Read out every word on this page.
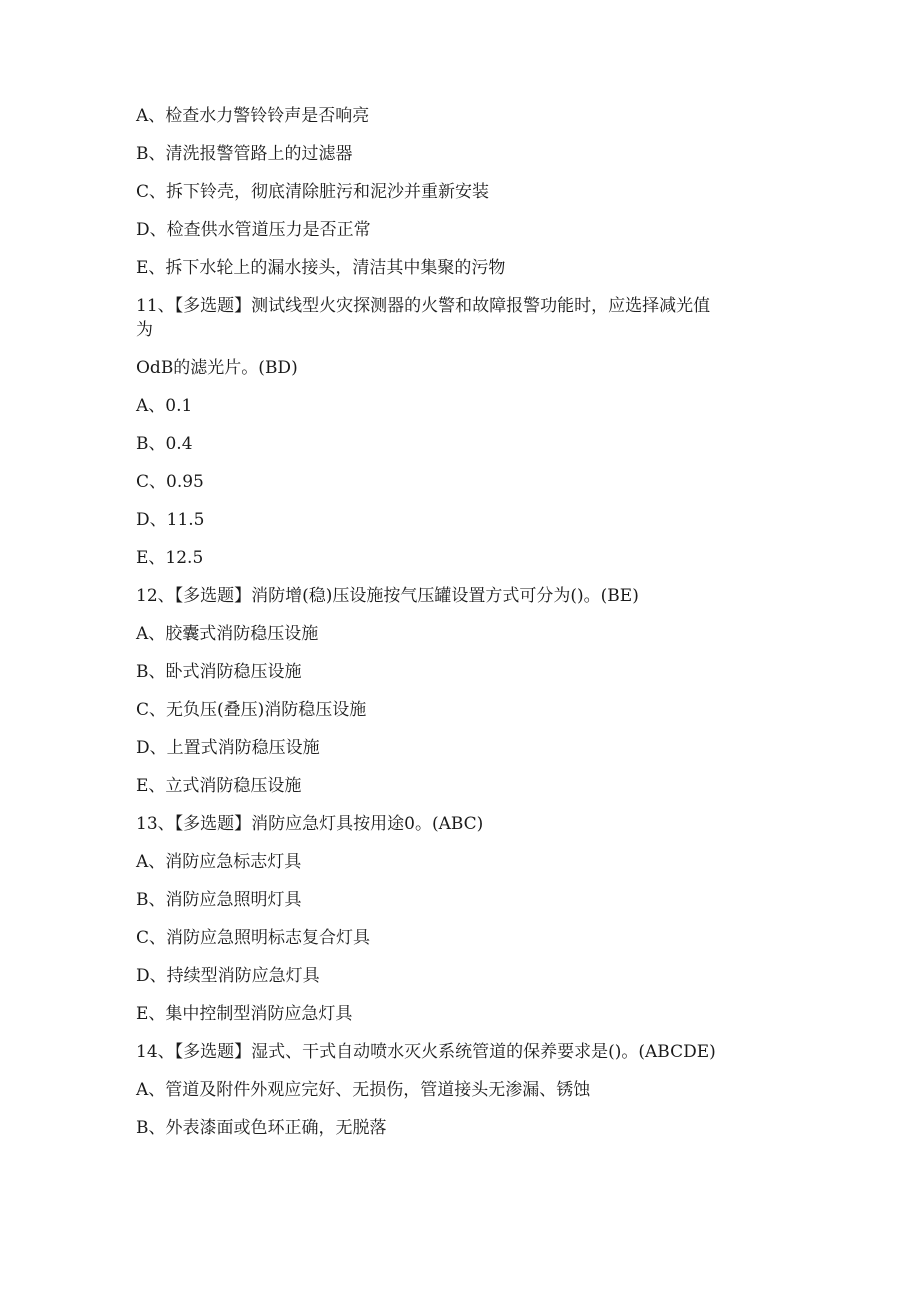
A、检查水力警铃铃声是否响亮
B、清洗报警管路上的过滤器
C、拆下铃壳，彻底清除脏污和泥沙并重新安装
D、检查供水管道压力是否正常
E、拆下水轮上的漏水接头，清洁其中集聚的污物
11、【多选题】测试线型火灾探测器的火警和故障报警功能时，应选择减光值
为
OdB的滤光片。(BD)
A、0.1
B、0.4
C、0.95
D、11.5
E、12.5
12、【多选题】消防增(稳)压设施按气压罐设置方式可分为()。(BE)
A、胶囊式消防稳压设施
B、卧式消防稳压设施
C、无负压(叠压)消防稳压设施
D、上置式消防稳压设施
E、立式消防稳压设施
13、【多选题】消防应急灯具按用途0。(ABC)
A、消防应急标志灯具
B、消防应急照明灯具
C、消防应急照明标志复合灯具
D、持续型消防应急灯具
E、集中控制型消防应急灯具
14、【多选题】湿式、干式自动喷水灭火系统管道的保养要求是()。(ABCDE)
A、管道及附件外观应完好、无损伤，管道接头无渗漏、锈蚀
B、外表漆面或色环正确，无脱落
